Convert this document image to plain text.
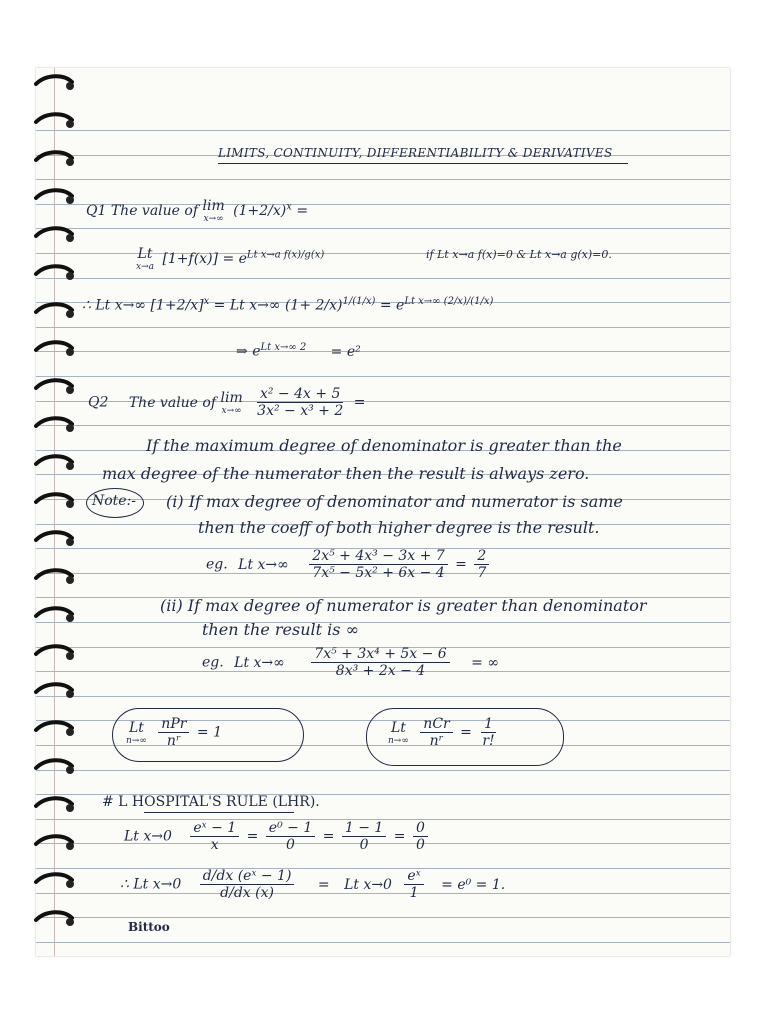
LIMITS, CONTINUITY, DIFFERENTIABILITY & DERIVATIVES
Q1 The value of lim
x→∞ $(1+2/x)^x$ =
Lt
x→a $[1+f(x)] = e^{Lt x\to a f(x)/g(x)}$	if Lt x→a f(x)=0 & Lt x→a g(x)=0.
∴ Lt x→∞ $[1+2/x]^x = Lt$ x→∞ $(1+ 2/x)^{1/(1/x)} = e^{Lt x\to\infty (2/x)/(1/x)}$
⇒ $e^{Lt x\to\infty 2} = e^2$
Q2 The value of lim
x→∞
$\frac{\text{x² − 4x + 5}}{\text{3x² − x³ + 2}}$ =
If the maximum degree of denominator is greater than the
max degree of the numerator then the result is always zero.
Note:- (i) If max degree of denominator and numerator is same
then the coeff of both higher degree is the result.
eg. Lt $x\to\infty \frac{\text{2x⁵ + 4x³ − 3x + 7}}{\text{7x⁵ − 5x² + 6x − 4}} = \frac{2}{7}$
(ii) If max degree of numerator is greater than denominator
then the result is ∞
eg. Lt $x\to\infty \frac{\text{7x⁵ + 3x⁴ + 5x − 6}}{\text{8x³ + 2x − 4}}$ = ∞
Lt
n→∞
$\frac{\text{nPr}}{\text{nʳ}} = 1$	Lt
n→∞
$\frac{\text{nCr}}{\text{nʳ}} = \frac{1}{r!}$
# L HOSPITAL'S RULE (LHR).
Lt $x\to 0 \frac{\text{eˣ − 1}}{x} = \frac{\text{e⁰ − 1}}{0} = \frac{1 - 1}{0} = \frac{0}{0}$
∴ Lt $x\to 0 \frac{\text{d/dx (eˣ − 1)}}{d/dx (x)} = Lt$ $x\to 0 \frac{\text{eˣ}}{1} = e^0 = 1$.
Bittoo
